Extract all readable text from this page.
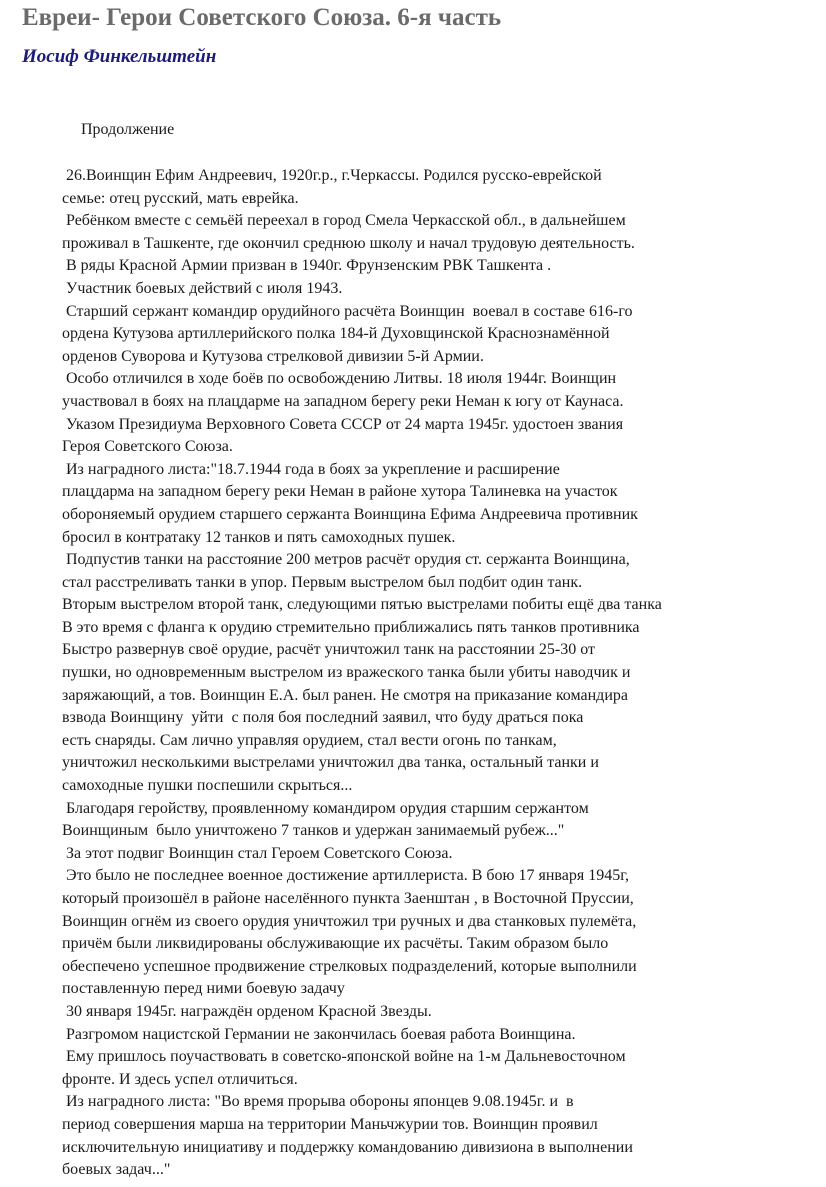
Евреи- Герои Советского Союза. 6-я часть
Иосиф Финкельштейн
Продолжение
26.Воинщин Ефим Андреевич, 1920г.р., г.Черкассы. Родился русско-еврейской
семье: отец русский, мать еврейка.
Ребёнком вместе с семьёй переехал в город Смела Черкасской обл., в дальнейшем
проживал в Ташкенте, где окончил среднюю школу и начал трудовую деятельность.
В ряды Красной Армии призван в 1940г. Фрунзенским РВК Ташкента .
Участник боевых действий с июля 1943.
Старший сержант командир орудийного расчёта Воинщин  воевал в составе 616-го
ордена Кутузова артиллерийского полка 184-й Духовщинской Краснознамённой
орденов Суворова и Кутузова стрелковой дивизии 5-й Армии.
Особо отличился в ходе боёв по освобождению Литвы. 18 июля 1944г. Воинщин
участвовал в боях на плацдарме на западном берегу реки Неман к югу от Каунаса.
Указом Президиума Верховного Совета СССР от 24 марта 1945г. удостоен звания
Героя Советского Союза.
Из наградного листа:"18.7.1944 года в боях за укрепление и расширение
плацдарма на западном берегу реки Неман в районе хутора Талиневка на участок
обороняемый орудием старшего сержанта Воинщина Ефима Андреевича противник
бросил в контратаку 12 танков и пять самоходных пушек.
Подпустив танки на расстояние 200 метров расчёт орудия ст. сержанта Воинщина,
стал расстреливать танки в упор. Первым выстрелом был подбит один танк.
Вторым выстрелом второй танк, следующими пятью выстрелами побиты ещё два танка
В это время с фланга к орудию стремительно приближались пять танков противника
Быстро развернув своё орудие, расчёт уничтожил танк на расстоянии 25-30 от
пушки, но одновременным выстрелом из вражеского танка были убиты наводчик и
заряжающий, а тов. Воинщин Е.А. был ранен. Не смотря на приказание командира
взвода Воинщину  уйти  с поля боя последний заявил, что буду драться пока
есть снаряды. Сам лично управляя орудием, стал вести огонь по танкам,
уничтожил несколькими выстрелами уничтожил два танка, остальный танки и
самоходные пушки поспешили скрыться...
Благодаря геройству, проявленному командиром орудия старшим сержантом
Воинщиным  было уничтожено 7 танков и удержан занимаемый рубеж..."
За этот подвиг Воинщин стал Героем Советского Союза.
Это было не последнее военное достижение артиллериста. В бою 17 января 1945г,
который произошёл в районе населённого пункта Заенштан , в Восточной Пруссии,
Воинщин огнём из своего орудия уничтожил три ручных и два станковых пулемёта,
причём были ликвидированы обслуживающие их расчёты. Таким образом было
обеспечено успешное продвижение стрелковых подразделений, которые выполнили
поставленную перед ними боевую задачу
30 января 1945г. награждён орденом Красной Звезды.
Разгромом нацистской Германии не закончилась боевая работа Воинщина.
Ему пришлось поучаствовать в советско-японской войне на 1-м Дальневосточном
фронте. И здесь успел отличиться.
Из наградного листа: "Во время прорыва обороны японцев 9.08.1945г. и  в
период совершения марша на территории Маньчжурии тов. Воинщин проявил
исключительную инициативу и поддержку командованию дивизиона в выполнении
боевых задач..."
